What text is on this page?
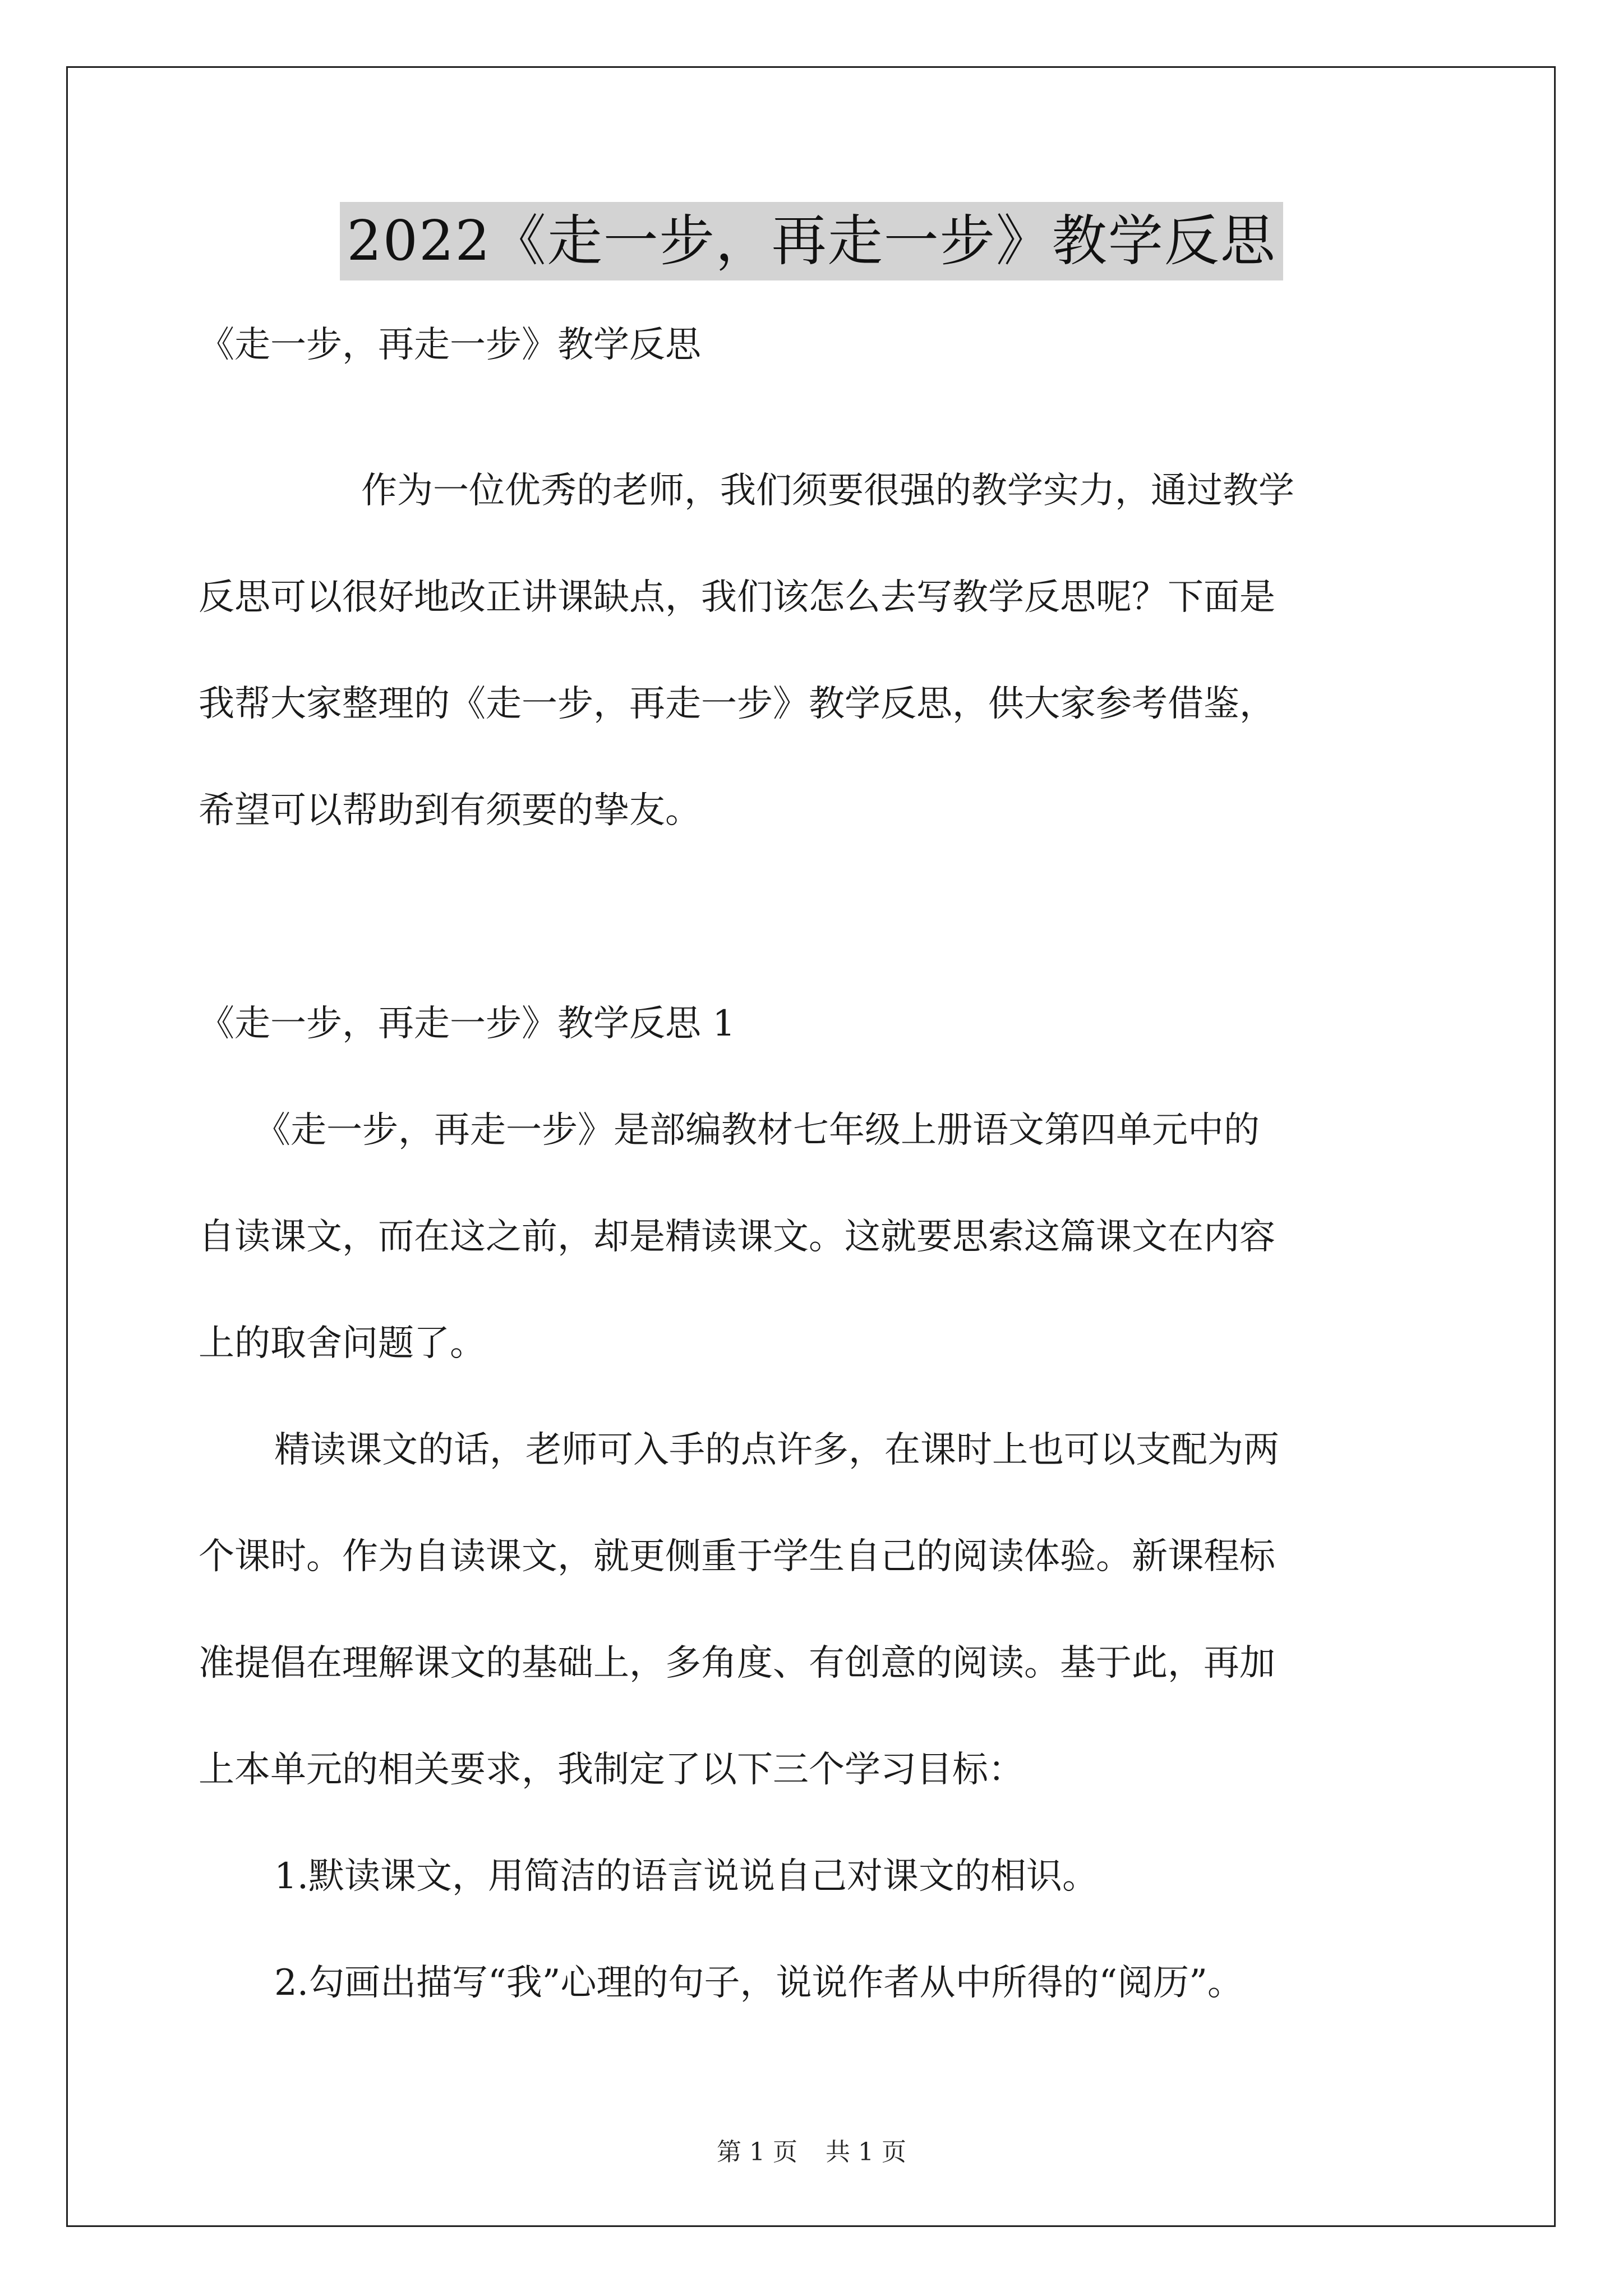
2022《走一步，再走一步》教学反思
《走一步，再走一步》教学反思
作为一位优秀的老师，我们须要很强的教学实力，通过教学
反思可以很好地改正讲课缺点，我们该怎么去写教学反思呢？下面是
我帮大家整理的《走一步，再走一步》教学反思，供大家参考借鉴，
希望可以帮助到有须要的挚友。
《走一步，再走一步》教学反思 1
《走一步，再走一步》是部编教材七年级上册语文第四单元中的
自读课文，而在这之前，却是精读课文。这就要思索这篇课文在内容
上的取舍问题了。
精读课文的话，老师可入手的点许多，在课时上也可以支配为两
个课时。作为自读课文，就更侧重于学生自己的阅读体验。新课程标
准提倡在理解课文的基础上，多角度、有创意的阅读。基于此，再加
上本单元的相关要求，我制定了以下三个学习目标：
1.默读课文，用简洁的语言说说自己对课文的相识。
2.勾画出描写“我”心理的句子，说说作者从中所得的“阅历”。
第 1 页 共 1 页
